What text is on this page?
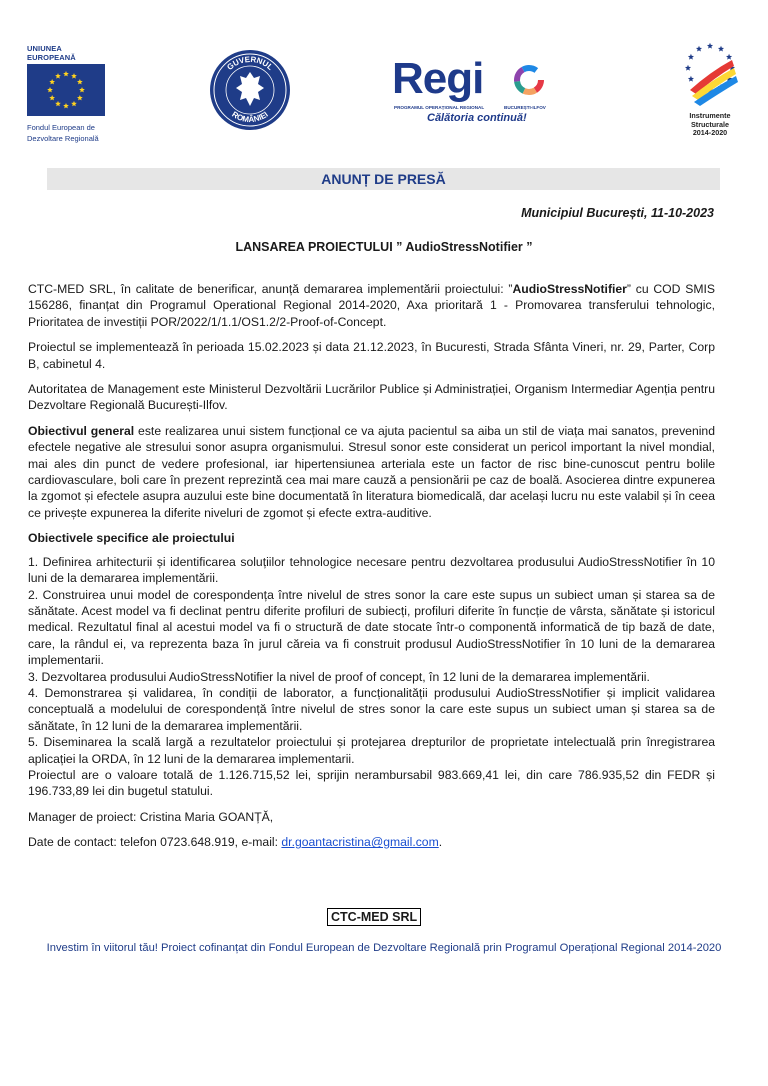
UNIUNEA EUROPEANĂ
Fondul European de
Dezvoltare Regională
GUVERNUL
ROMÂNIEI
Regi
PROGRAMUL OPERAȚIONAL REGIONAL	BUCUREȘTI-ILFOV
Călătoria continuă!	Instrumente Structurale
2014-2020
ANUNȚ DE PRESĂ
Municipiul București, 11-10-2023
LANSAREA PROIECTULUI ” AudioStressNotifier ”

CTC-MED SRL, în calitate de benerificar, anunță demararea implementării proiectului: ”AudioStressNotifier” cu COD SMIS 156286, finanțat din Programul Operational Regional 2014-2020, Axa prioritară 1 - Promovarea transferului tehnologic, Prioritatea de investiții POR/2022/1/1.1/OS1.2/2-Proof-of-Concept.

Proiectul se implementează în perioada 15.02.2023 și data 21.12.2023, în Bucuresti, Strada Sfânta Vineri, nr. 29, Parter, Corp B, cabinetul 4.

Autoritatea de Management este Ministerul Dezvoltării Lucrărilor Publice și Administrației, Organism Intermediar Agenția pentru Dezvoltare Regională București-Ilfov.

Obiectivul general este realizarea unui sistem funcțional ce va ajuta pacientul sa aiba un stil de viața mai sanatos, prevenind efectele negative ale stresului sonor asupra organismului. Stresul sonor este considerat un pericol important la nivel mondial, mai ales din punct de vedere profesional, iar hipertensiunea arteriala este un factor de risc bine-cunoscut pentru bolile cardiovasculare, boli care în prezent reprezintă cea mai mare cauză a pensionării pe caz de boală. Asocierea dintre expunerea la zgomot și efectele asupra auzului este bine documentată în literatura biomedicală, dar același lucru nu este valabil și în ceea ce privește expunerea la diferite niveluri de zgomot și efecte extra-auditive.

Obiectivele specifice ale proiectului
1. Definirea arhitecturii și identificarea soluțiilor tehnologice necesare pentru dezvoltarea produsului AudioStressNotifier în 10 luni de la demararea implementării.
2. Construirea unui model de corespondența între nivelul de stres sonor la care este supus un subiect uman și starea sa de sănătate. Acest model va fi declinat pentru diferite profiluri de subiecți, profiluri diferite în funcție de vârsta, sănătate și istoricul medical. Rezultatul final al acestui model va fi o structură de date stocate într-o componentă informatică de tip bază de date, care, la rândul ei, va reprezenta baza în jurul căreia va fi construit produsul AudioStressNotifier în 10 luni de la demararea implementarii.
3. Dezvoltarea produsului AudioStressNotifier la nivel de proof of concept, în 12 luni de la demararea implementării.
4. Demonstrarea și validarea, în condiții de laborator, a funcționalității produsului AudioStressNotifier și implicit validarea conceptuală a modelului de corespondență între nivelul de stres sonor la care este supus un subiect uman și starea sa de sănătate, în 12 luni de la demararea implementării.
5. Diseminarea la scală largă a rezultatelor proiectului și protejarea drepturilor de proprietate intelectuală prin înregistrarea aplicației la ORDA, în 12 luni de la demararea implementarii.

Proiectul are o valoare totală de 1.126.715,52 lei, sprijin nerambursabil 983.669,41 lei, din care 786.935,52 din FEDR și 196.733,89 lei din bugetul statului.

Manager de proiect: Cristina Maria GOANȚĂ,

Date de contact: telefon 0723.648.919, e-mail: dr.goantacristina@gmail.com.

CTC-MED SRL
Investim în viitorul tău! Proiect cofinanțat din Fondul European de Dezvoltare Regională prin Programul Operațional Regional 2014-2020
